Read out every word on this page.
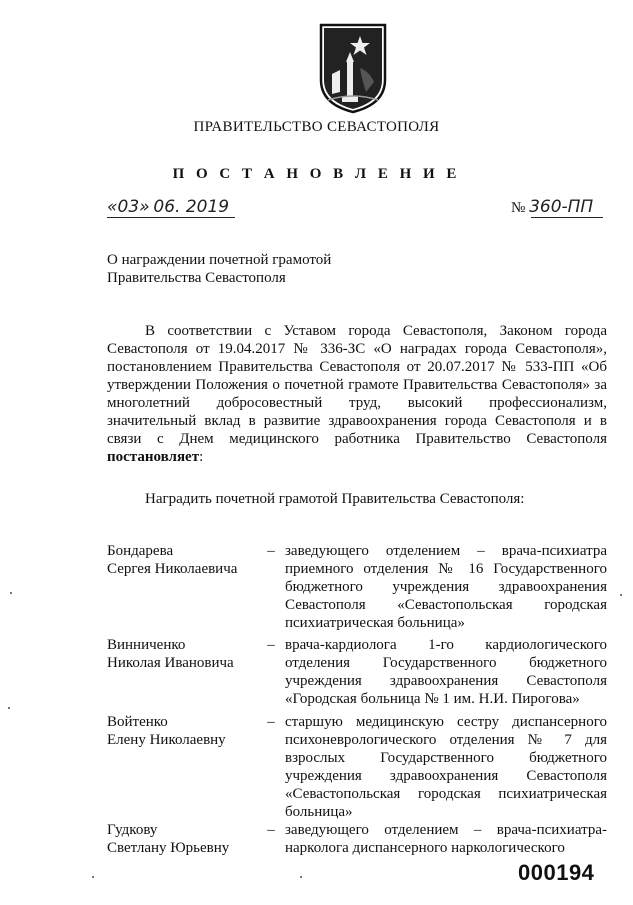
ПРАВИТЕЛЬСТВО СЕВАСТОПОЛЯ
П О С Т А Н О В Л Е Н И Е
«03» 06. 2019	№ 360-ПП
О награждении почетной грамотой
Правительства Севастополя
В соответствии с Уставом города Севастополя, Законом города Севастополя от 19.04.2017 № 336-ЗС «О наградах города Севастополя», постановлением Правительства Севастополя от 20.07.2017 № 533-ПП «Об утверждении Положения о почетной грамоте Правительства Севастополя» за многолетний добросовестный труд, высокий профессионализм, значительный вклад в развитие здравоохранения города Севастополя и в связи с Днем медицинского работника Правительство Севастополя постановляет:
Наградить почетной грамотой Правительства Севастополя:
Бондарева
Сергея Николаевича
– заведующего отделением – врача-психиатра приемного отделения № 16 Государственного бюджетного учреждения здравоохранения Севастополя «Севастопольская городская психиатрическая больница»
Винниченко
Николая Ивановича
– врача-кардиолога 1-го кардиологического отделения Государственного бюджетного учреждения здравоохранения Севастополя «Городская больница № 1 им. Н.И. Пирогова»
Войтенко
Елену Николаевну
– старшую медицинскую сестру диспансерного психоневрологического отделения № 7 для взрослых Государственного бюджетного учреждения здравоохранения Севастополя «Севастопольская городская психиатрическая больница»
Гудкову
Светлану Юрьевну
– заведующего отделением – врача-психиатра-нарколога диспансерного наркологического
000194
